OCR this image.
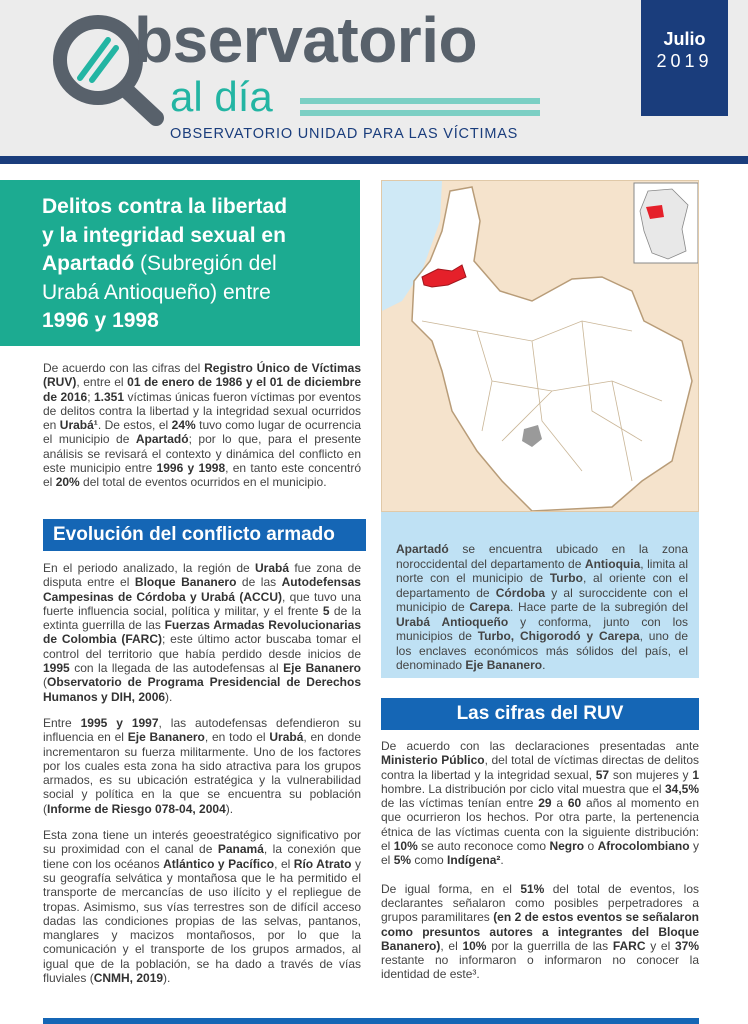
bservatorio
al día
OBSERVATORIO UNIDAD PARA LAS VÍCTIMAS
Julio
2019
Delitos contra la libertad
y la integridad sexual en
Apartadó (Subregión del
Urabá Antioqueño) entre
1996 y 1998

De acuerdo con las cifras del Registro Único de Víctimas (RUV), entre el 01 de enero de 1986 y el 01 de diciembre de 2016; 1.351 víctimas únicas fueron víctimas por eventos de delitos contra la libertad y la integridad sexual ocurridos en Urabá¹. De estos, el 24% tuvo como lugar de ocurrencia el municipio de Apartadó; por lo que, para el presente análisis se revisará el contexto y dinámica del conflicto en este municipio entre 1996 y 1998, en tanto este concentró el 20% del total de eventos ocurridos en el municipio.

Evolución del conflicto armado

En el periodo analizado, la región de Urabá fue zona de disputa entre el Bloque Bananero de las Autodefensas Campesinas de Córdoba y Urabá (ACCU), que tuvo una fuerte influencia social, política y militar, y el frente 5 de la extinta guerrilla de las Fuerzas Armadas Revolucionarias de Colombia (FARC); este último actor buscaba tomar el control del territorio que había perdido desde inicios de 1995 con la llegada de las autodefensas al Eje Bananero (Observatorio de Programa Presidencial de Derechos Humanos y DIH, 2006).

Entre 1995 y 1997, las autodefensas defendieron su influencia en el Eje Bananero, en todo el Urabá, en donde incrementaron su fuerza militarmente. Uno de los factores por los cuales esta zona ha sido atractiva para los grupos armados, es su ubicación estratégica y la vulnerabilidad social y política en la que se encuentra su población (Informe de Riesgo 078-04, 2004).

Esta zona tiene un interés geoestratégico significativo por su proximidad con el canal de Panamá, la conexión que tiene con los océanos Atlántico y Pacífico, el Río Atrato y su geografía selvática y montañosa que le ha permitido el transporte de mercancías de uso ilícito y el repliegue de tropas. Asimismo, sus vías terrestres son de difícil acceso dadas las condiciones propias de las selvas, pantanos, manglares y macizos montañosos, por lo que la comunicación y el transporte de los grupos armados, al igual que de la población, se ha dado a través de vías fluviales (CNMH, 2019).

Apartadó se encuentra ubicado en la zona noroccidental del departamento de Antioquia, limita al norte con el municipio de Turbo, al oriente con el departamento de Córdoba y al suroccidente con el municipio de Carepa. Hace parte de la subregión del Urabá Antioqueño y conforma, junto con los municipios de Turbo, Chigorodó y Carepa, uno de los enclaves económicos más sólidos del país, el denominado Eje Bananero.

Las cifras del RUV

De acuerdo con las declaraciones presentadas ante Ministerio Público, del total de víctimas directas de delitos contra la libertad y la integridad sexual, 57 son mujeres y 1 hombre. La distribución por ciclo vital muestra que el 34,5% de las víctimas tenían entre 29 a 60 años al momento en que ocurrieron los hechos. Por otra parte, la pertenencia étnica de las víctimas cuenta con la siguiente distribución: el 10% se auto reconoce como Negro o Afrocolombiano y el 5% como Indígena².

De igual forma, en el 51% del total de eventos, los declarantes señalaron como posibles perpetradores a grupos paramilitares (en 2 de estos eventos se señalaron como presuntos autores a integrantes del Bloque Bananero), el 10% por la guerrilla de las FARC y el 37% restante no informaron o informaron no conocer la identidad de este³.
